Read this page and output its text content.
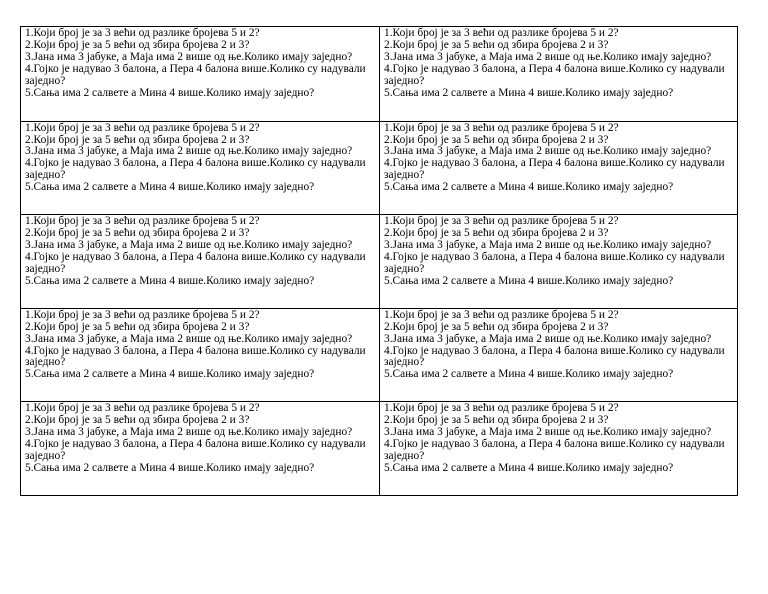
1.Који број је за 3 већи од разлике бројева 5 и 2?
2.Који број је за 5 већи од збира бројева 2 и 3?
3.Јана има 3 јабуке, а Маја има 2 више од ње.Колико имају заједно?
4.Гојко је надувао 3 балона, а Пера 4 балона више.Колико су надували заједно?
5.Сања има 2 салвете а Мина 4 више.Колико имају заједно?
1.Који број је за 3 већи од разлике бројева 5 и 2?
2.Који број је за 5 већи од збира бројева 2 и 3?
3.Јана има 3 јабуке, а Маја има 2 више од ње.Колико имају заједно?
4.Гојко је надувао 3 балона, а Пера 4 балона више.Колико су надували заједно?
5.Сања има 2 салвете а Мина 4 више.Колико имају заједно?
1.Који број је за 3 већи од разлике бројева 5 и 2?
2.Који број је за 5 већи од збира бројева 2 и 3?
3.Јана има 3 јабуке, а Маја има 2 више од ње.Колико имају заједно?
4.Гојко је надувао 3 балона, а Пера 4 балона више.Колико су надували заједно?
5.Сања има 2 салвете а Мина 4 више.Колико имају заједно?
1.Који број је за 3 већи од разлике бројева 5 и 2?
2.Који број је за 5 већи од збира бројева 2 и 3?
3.Јана има 3 јабуке, а Маја има 2 више од ње.Колико имају заједно?
4.Гојко је надувао 3 балона, а Пера 4 балона више.Колико су надували заједно?
5.Сања има 2 салвете а Мина 4 више.Колико имају заједно?
1.Који број је за 3 већи од разлике бројева 5 и 2?
2.Који број је за 5 већи од збира бројева 2 и 3?
3.Јана има 3 јабуке, а Маја има 2 више од ње.Колико имају заједно?
4.Гојко је надувао 3 балона, а Пера 4 балона више.Колико су надували заједно?
5.Сања има 2 салвете а Мина 4 више.Колико имају заједно?
1.Који број је за 3 већи од разлике бројева 5 и 2?
2.Који број је за 5 већи од збира бројева 2 и 3?
3.Јана има 3 јабуке, а Маја има 2 више од ње.Колико имају заједно?
4.Гојко је надувао 3 балона, а Пера 4 балона више.Колико су надували заједно?
5.Сања има 2 салвете а Мина 4 више.Колико имају заједно?
1.Који број је за 3 већи од разлике бројева 5 и 2?
2.Који број је за 5 већи од збира бројева 2 и 3?
3.Јана има 3 јабуке, а Маја има 2 више од ње.Колико имају заједно?
4.Гојко је надувао 3 балона, а Пера 4 балона више.Колико су надували заједно?
5.Сања има 2 салвете а Мина 4 више.Колико имају заједно?
1.Који број је за 3 већи од разлике бројева 5 и 2?
2.Који број је за 5 већи од збира бројева 2 и 3?
3.Јана има 3 јабуке, а Маја има 2 више од ње.Колико имају заједно?
4.Гојко је надувао 3 балона, а Пера 4 балона више.Колико су надували заједно?
5.Сања има 2 салвете а Мина 4 више.Колико имају заједно?
1.Који број је за 3 већи од разлике бројева 5 и 2?
2.Који број је за 5 већи од збира бројева 2 и 3?
3.Јана има 3 јабуке, а Маја има 2 више од ње.Колико имају заједно?
4.Гојко је надувао 3 балона, а Пера 4 балона више.Колико су надували заједно?
5.Сања има 2 салвете а Мина 4 више.Колико имају заједно?
1.Који број је за 3 већи од разлике бројева 5 и 2?
2.Који број је за 5 већи од збира бројева 2 и 3?
3.Јана има 3 јабуке, а Маја има 2 више од ње.Колико имају заједно?
4.Гојко је надувао 3 балона, а Пера 4 балона више.Колико су надували заједно?
5.Сања има 2 салвете а Мина 4 више.Колико имају заједно?
